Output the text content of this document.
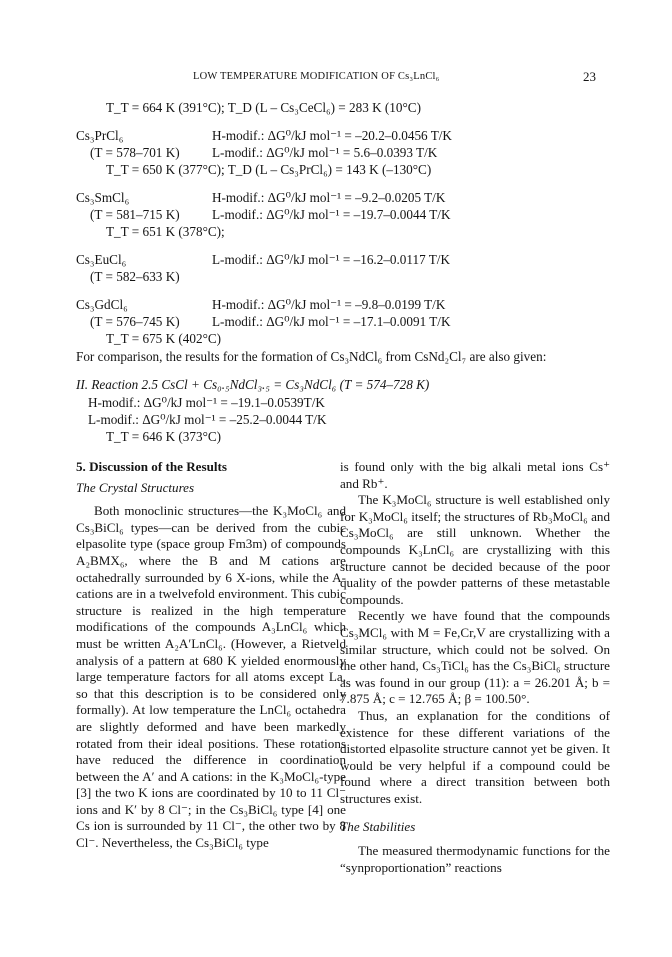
LOW TEMPERATURE MODIFICATION OF Cs₃LnCl₆	23
T_T = 664 K (391°C); T_D (L – Cs₃CeCl₆) = 283 K (10°C)
Cs₃PrCl₆	H-modif.: ΔG⁰/kJ mol⁻¹ = –20.2–0.0456 T/K
(T = 578–701 K) L-modif.: ΔG⁰/kJ mol⁻¹ = 5.6–0.0393 T/K
T_T = 650 K (377°C); T_D (L – Cs₃PrCl₆) = 143 K (–130°C)
Cs₃SmCl₆	H-modif.: ΔG⁰/kJ mol⁻¹ = –9.2–0.0205 T/K
(T = 581–715 K) L-modif.: ΔG⁰/kJ mol⁻¹ = –19.7–0.0044 T/K
T_T = 651 K (378°C);
Cs₃EuCl₆	L-modif.: ΔG⁰/kJ mol⁻¹ = –16.2–0.0117 T/K
(T = 582–633 K)
Cs₃GdCl₆	H-modif.: ΔG⁰/kJ mol⁻¹ = –9.8–0.0199 T/K
(T = 576–745 K) L-modif.: ΔG⁰/kJ mol⁻¹ = –17.1–0.0091 T/K
T_T = 675 K (402°C)
For comparison, the results for the formation of Cs₃NdCl₆ from CsNd₂Cl₇ are also given:
II. Reaction 2.5 CsCl + Cs₀.₅NdCl₃.₅ = Cs₃NdCl₆ (T = 574–728 K)
H-modif.: ΔG⁰/kJ mol⁻¹ = –19.1–0.0539T/K
L-modif.: ΔG⁰/kJ mol⁻¹ = –25.2–0.0044 T/K
T_T = 646 K (373°C)

5. Discussion of the Results

The Crystal Structures

Both monoclinic structures—the K₃MoCl₆ and Cs₃BiCl₆ types—can be derived from the cubic elpasolite type (space group Fm3m) of compounds A₂BMX₆, where the B and M cations are octahedrally surrounded by 6 X-ions, while the A-cations are in a twelvefold environment. This cubic structure is realized in the high temperature modifications of the compounds A₃LnCl₆ which must be written A₂A′LnCl₆. (However, a Rietveld analysis of a pattern at 680 K yielded enormously large temperature factors for all atoms except La, so that this description is to be considered only formally). At low temperature the LnCl₆ octahedra are slightly deformed and have been markedly rotated from their ideal positions. These rotations have reduced the difference in coordination between the A′ and A cations: in the K₃MoCl₆-type [3] the two K ions are coordinated by 10 to 11 Cl⁻ ions and K′ by 8 Cl⁻; in the Cs₃BiCl₆ type [4] one Cs ion is surrounded by 11 Cl⁻, the other two by 8 Cl⁻. Nevertheless, the Cs₃BiCl₆ type

is found only with the big alkali metal ions Cs⁺ and Rb⁺.

The K₃MoCl₆ structure is well established only for K₃MoCl₆ itself; the structures of Rb₃MoCl₆ and Cs₃MoCl₆ are still unknown. Whether the compounds K₃LnCl₆ are crystallizing with this structure cannot be decided because of the poor quality of the powder patterns of these metastable compounds.

Recently we have found that the compounds Cs₃MCl₆ with M = Fe,Cr,V are crystallizing with a similar structure, which could not be solved. On the other hand, Cs₃TiCl₆ has the Cs₃BiCl₆ structure as was found in our group (11): a = 26.201 Å; b = 7.875 Å; c = 12.765 Å; β = 100.50°.

Thus, an explanation for the conditions of existence for these different variations of the distorted elpasolite structure cannot yet be given. It would be very helpful if a compound could be found where a direct transition between both structures exist.

The Stabilities

The measured thermodynamic functions for the “synproportionation” reactions
